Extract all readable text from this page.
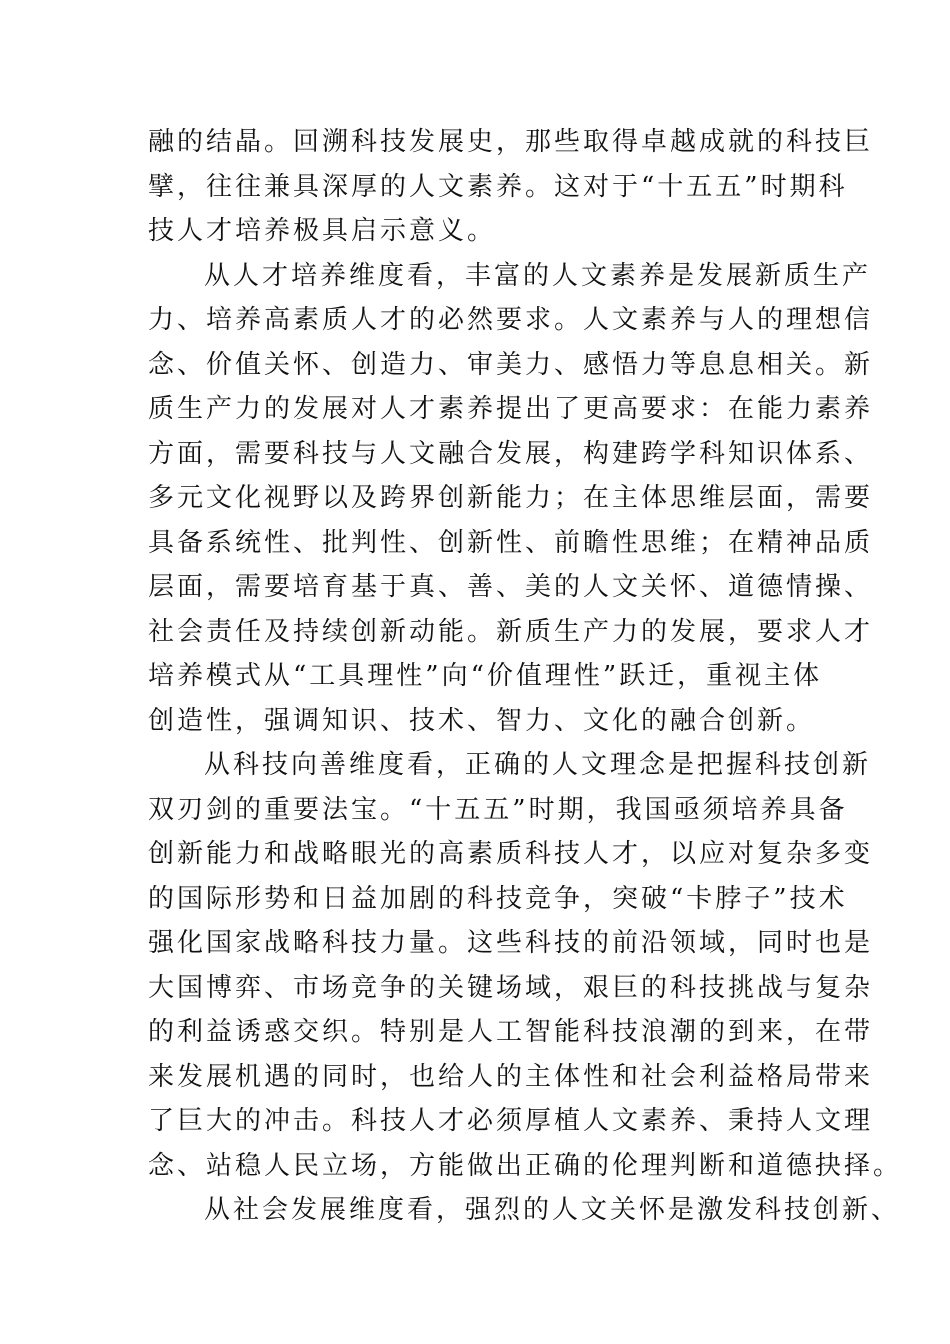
融的结晶。回溯科技发展史，那些取得卓越成就的科技巨
擘，往往兼具深厚的人文素养。这对于“十五五”时期科
技人才培养极具启示意义。
从人才培养维度看，丰富的人文素养是发展新质生产
力、培养高素质人才的必然要求。人文素养与人的理想信
念、价值关怀、创造力、审美力、感悟力等息息相关。新
质生产力的发展对人才素养提出了更高要求：在能力素养
方面，需要科技与人文融合发展，构建跨学科知识体系、
多元文化视野以及跨界创新能力；在主体思维层面，需要
具备系统性、批判性、创新性、前瞻性思维；在精神品质
层面，需要培育基于真、善、美的人文关怀、道德情操、
社会责任及持续创新动能。新质生产力的发展，要求人才
培养模式从“工具理性”向“价值理性”跃迁，重视主体
创造性，强调知识、技术、智力、文化的融合创新。
从科技向善维度看，正确的人文理念是把握科技创新
双刃剑的重要法宝。“十五五”时期，我国亟须培养具备
创新能力和战略眼光的高素质科技人才，以应对复杂多变
的国际形势和日益加剧的科技竞争，突破“卡脖子”技术
强化国家战略科技力量。这些科技的前沿领域，同时也是
大国博弈、市场竞争的关键场域，艰巨的科技挑战与复杂
的利益诱惑交织。特别是人工智能科技浪潮的到来，在带
来发展机遇的同时，也给人的主体性和社会利益格局带来
了巨大的冲击。科技人才必须厚植人文素养、秉持人文理
念、站稳人民立场，方能做出正确的伦理判断和道德抉择。
从社会发展维度看，强烈的人文关怀是激发科技创新、
